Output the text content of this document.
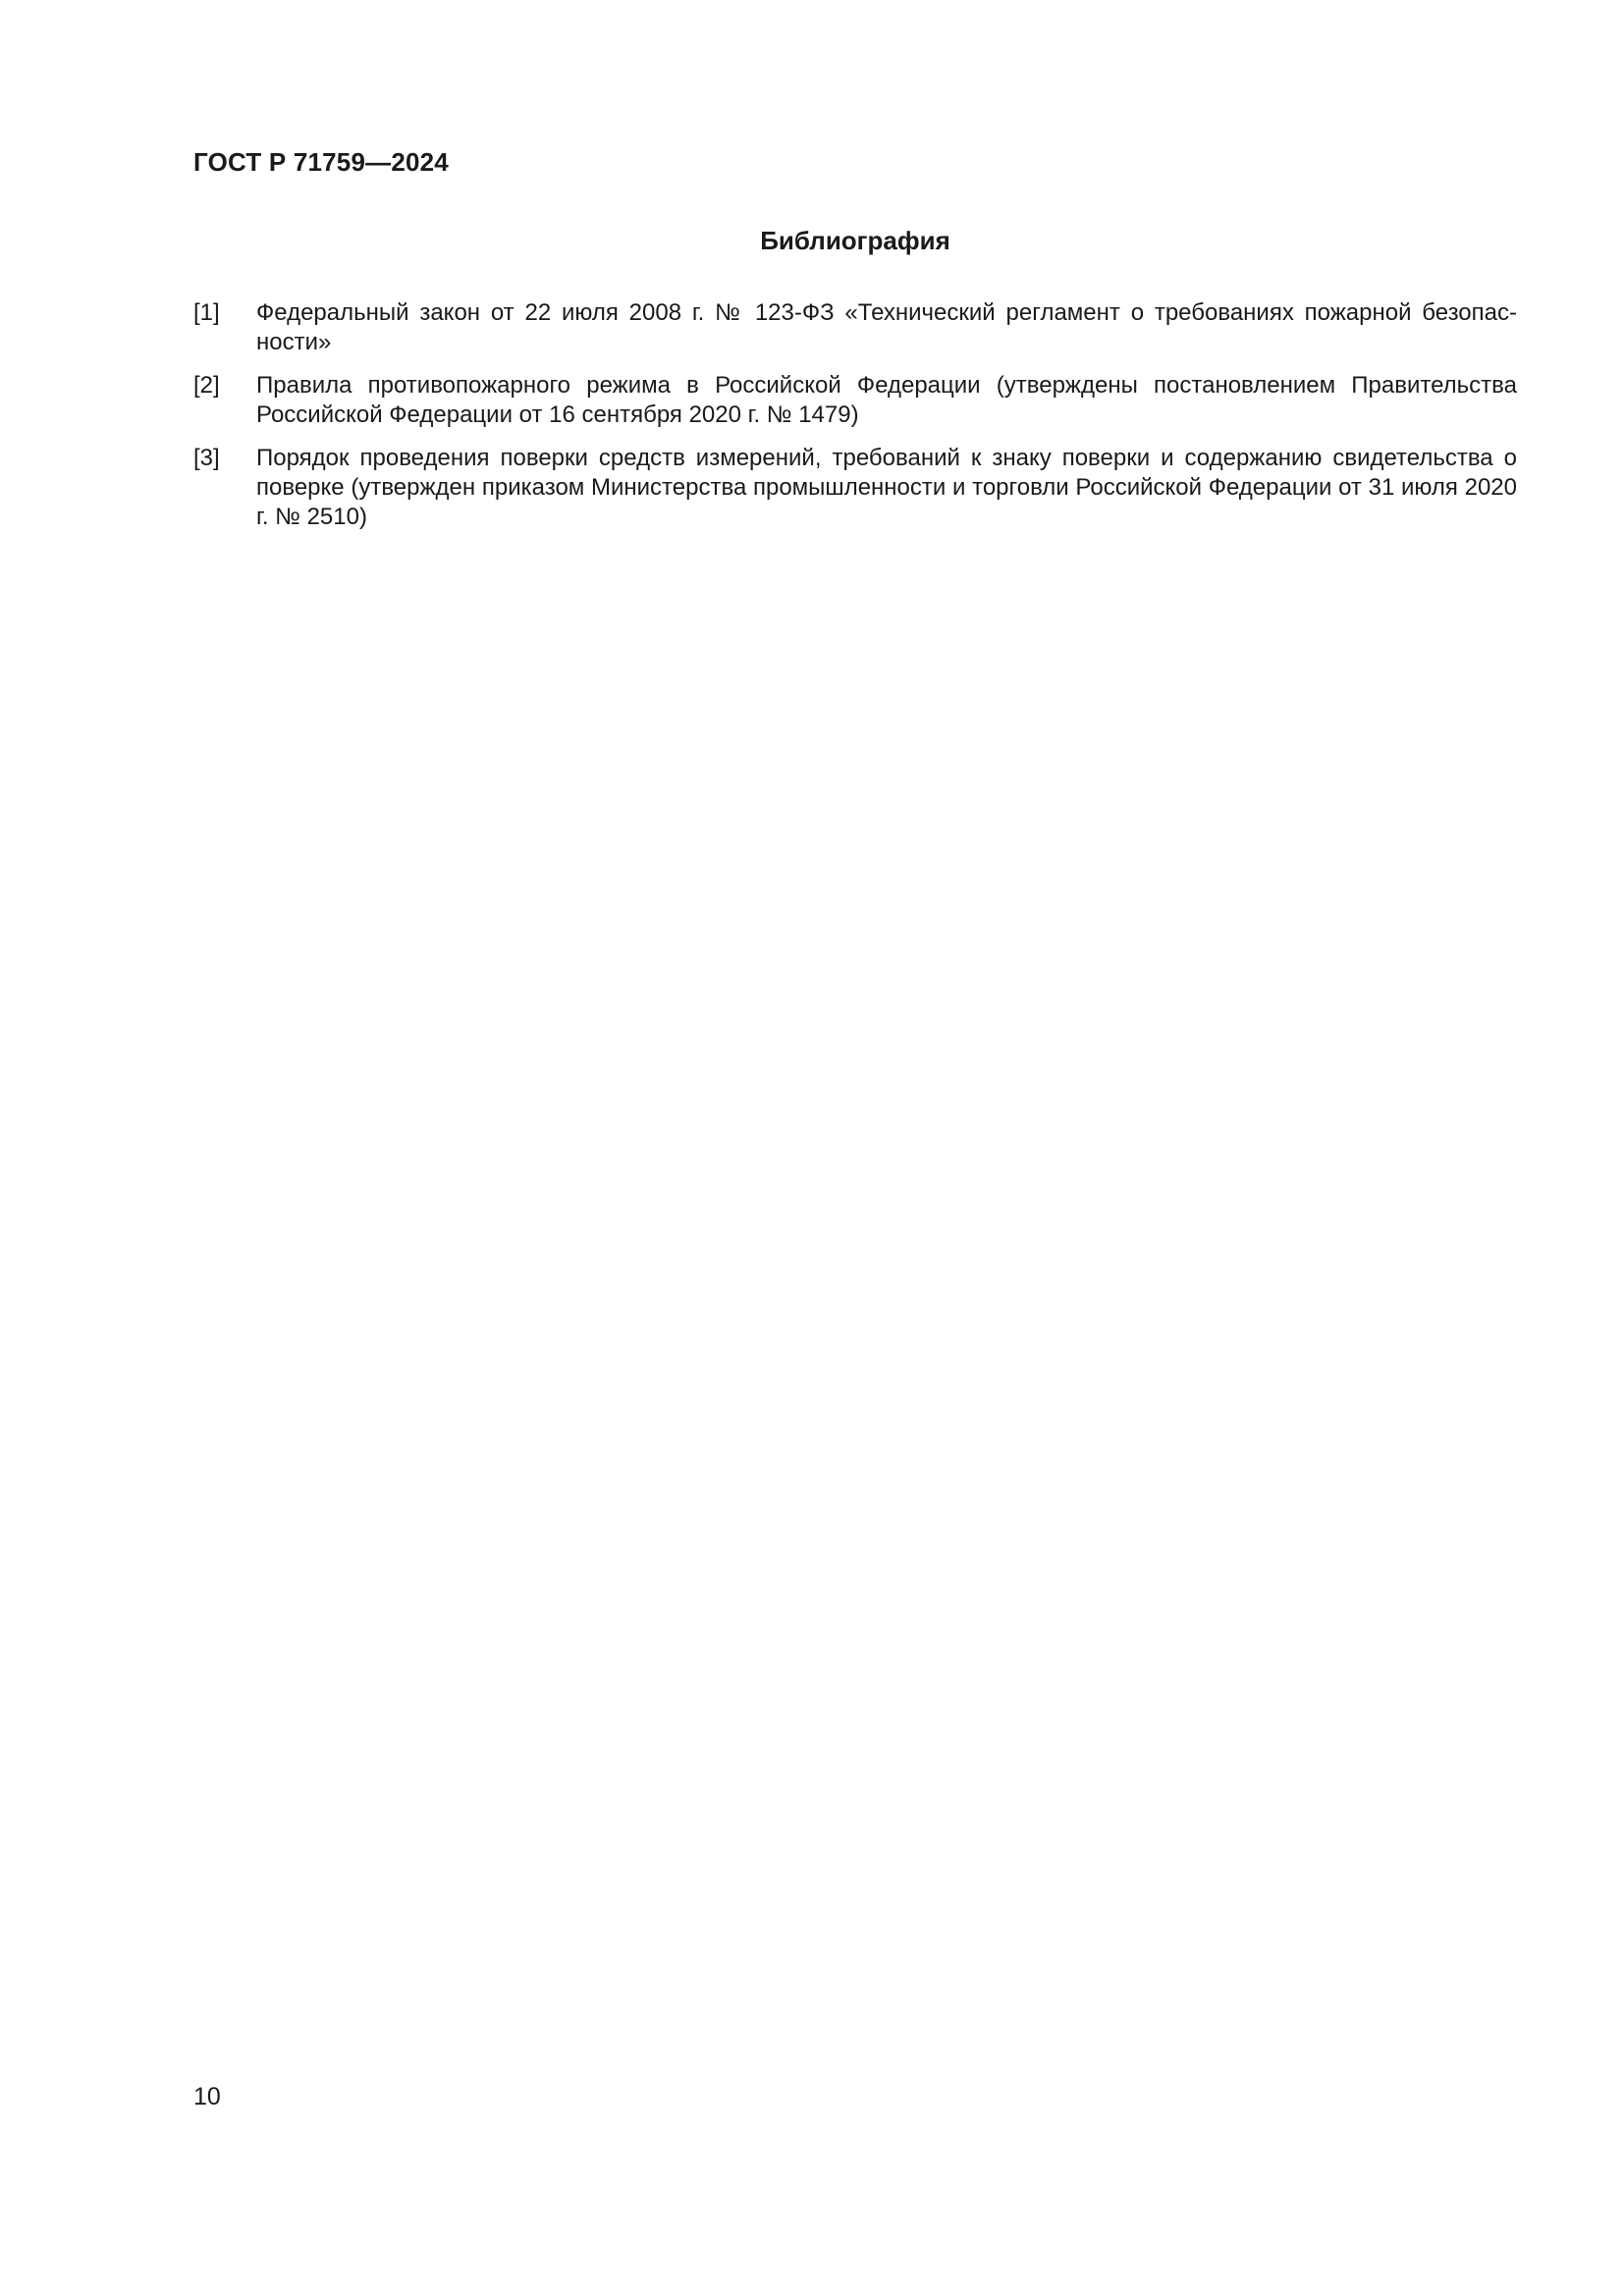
ГОСТ Р 71759—2024
Библиография
[1]	Федеральный закон от 22 июля 2008 г. № 123-ФЗ «Технический регламент о требованиях пожарной безопасности»
[2]	Правила противопожарного режима в Российской Федерации (утверждены постановлением Правительства Российской Федерации от 16 сентября 2020 г. № 1479)
[3]	Порядок проведения поверки средств измерений, требований к знаку поверки и содержанию свидетельства о поверке (утвержден приказом Министерства промышленности и торговли Российской Федерации от 31 июля 2020 г. № 2510)
10
